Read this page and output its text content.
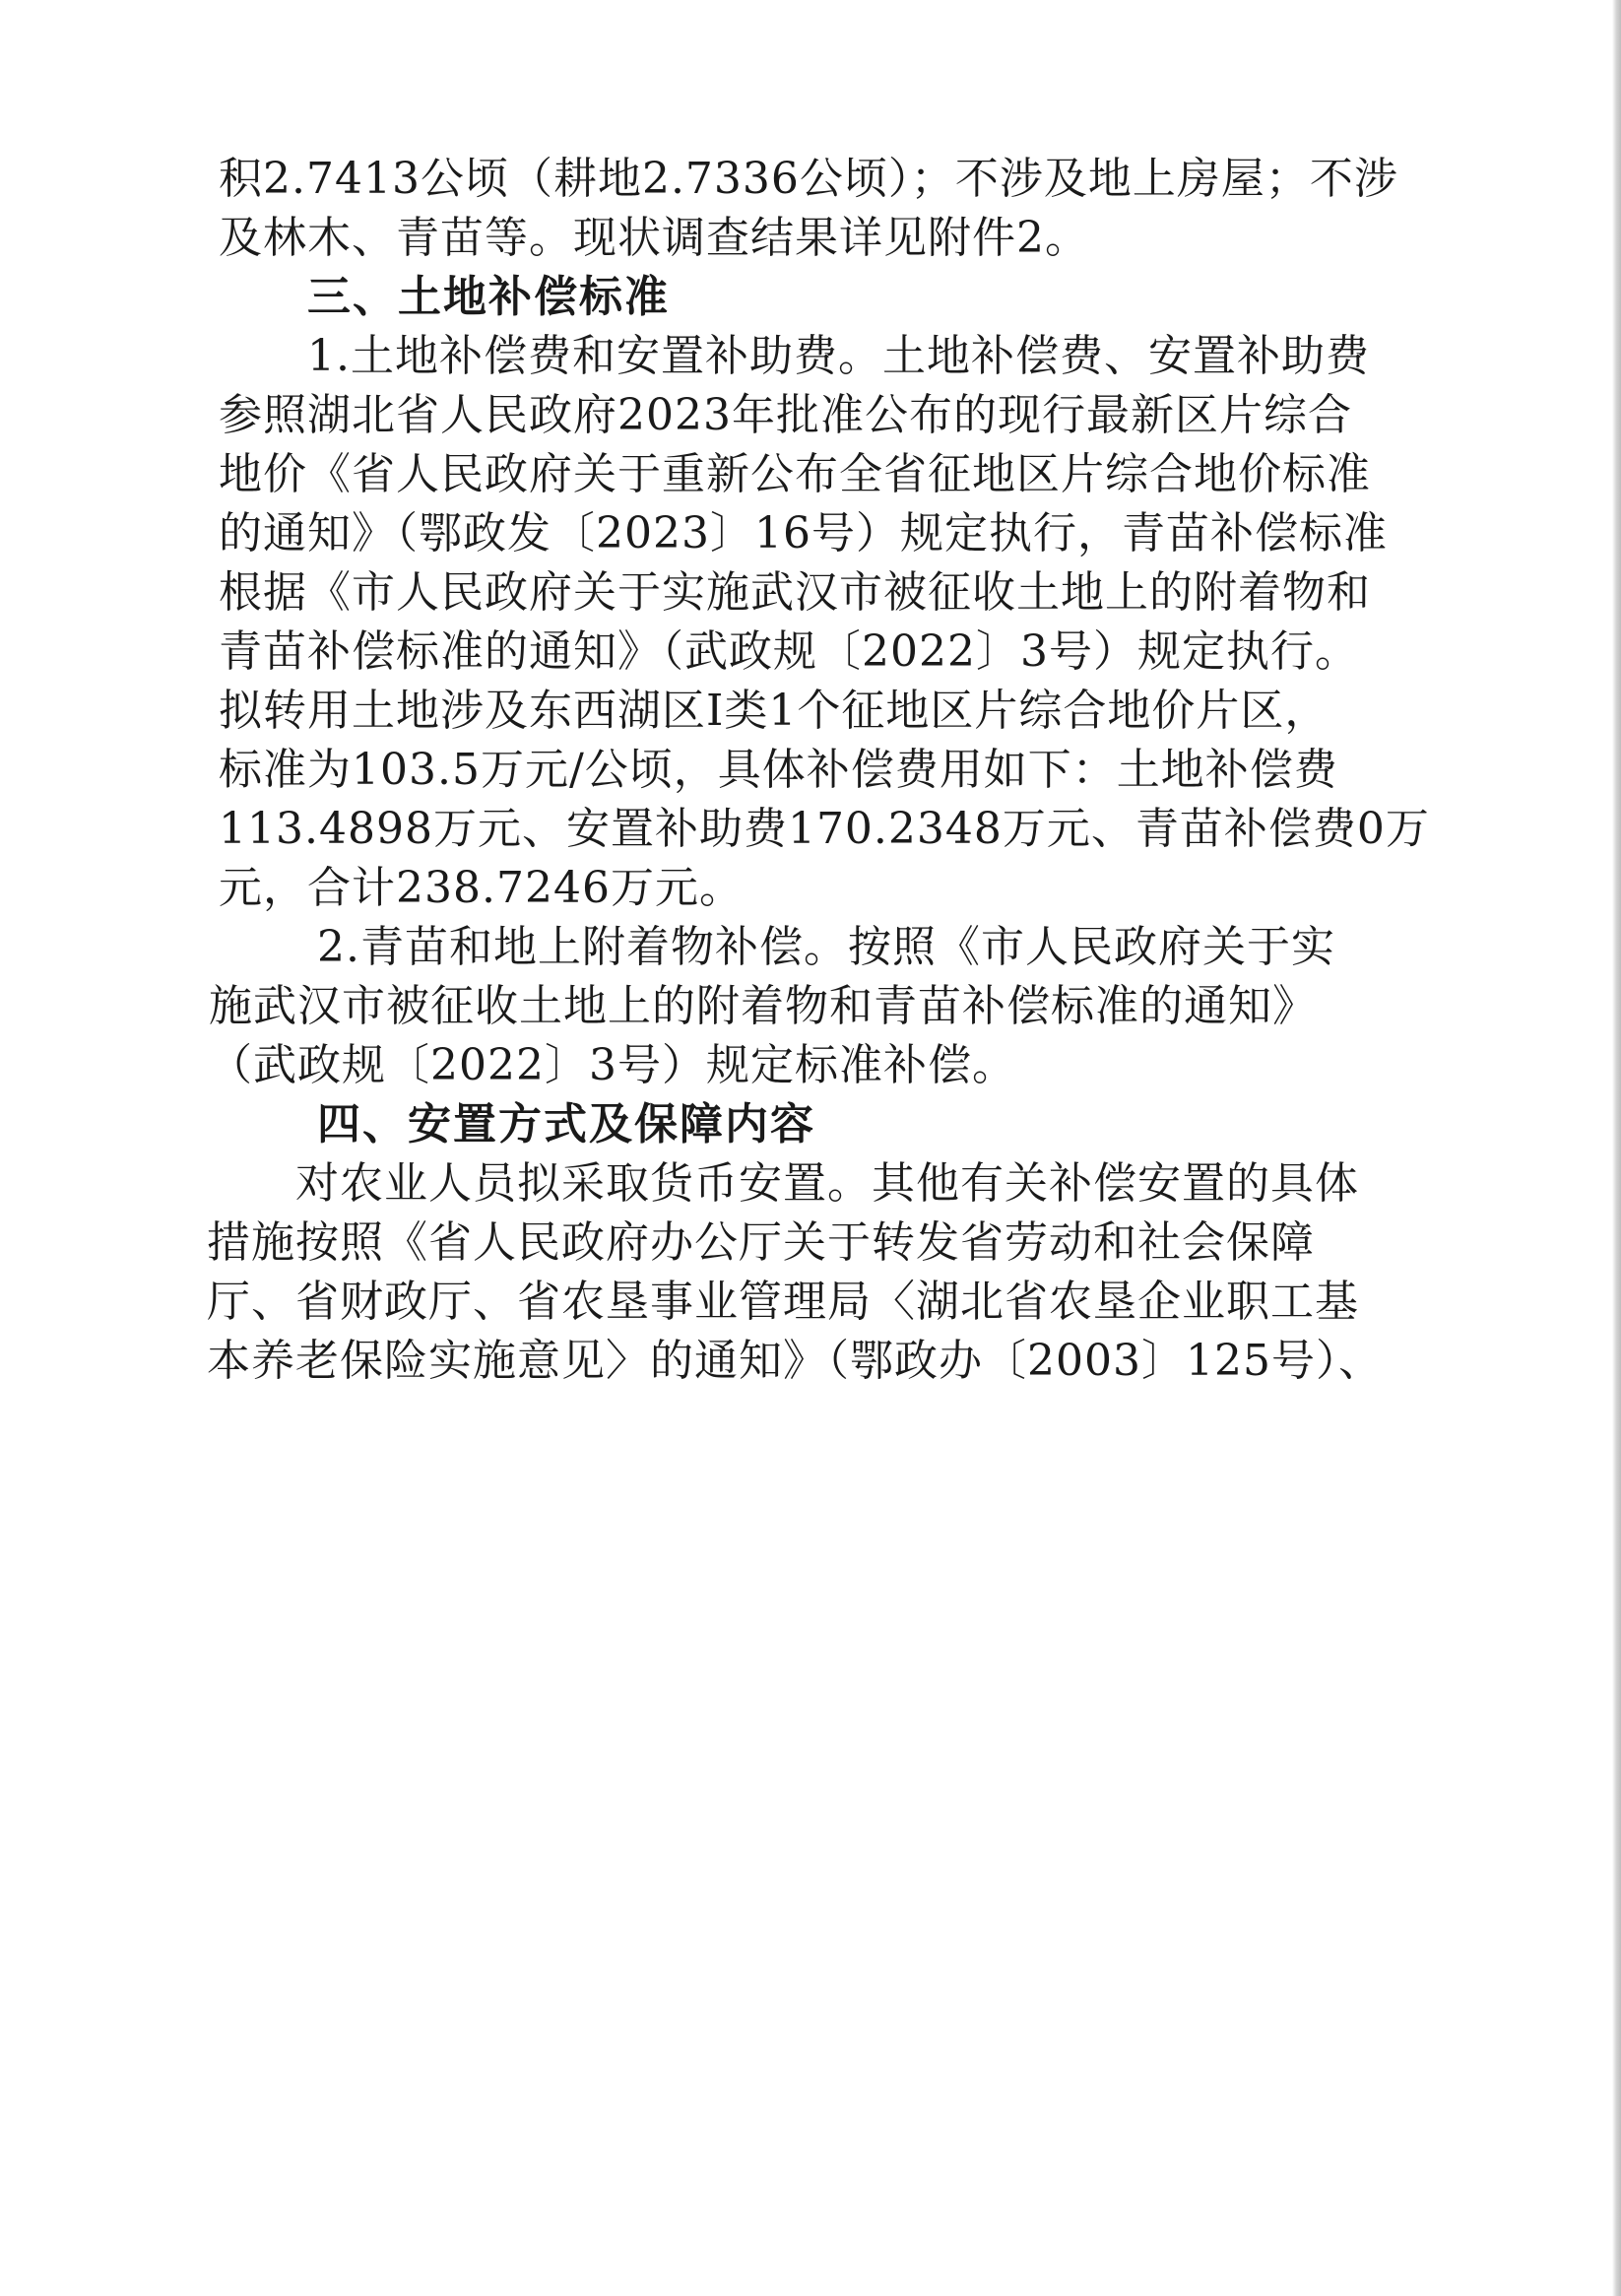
积2.7413公顷（耕地2.7336公顷）；不涉及地上房屋；不涉
及林木、青苗等。现状调查结果详见附件2。
三、土地补偿标准
1.土地补偿费和安置补助费。土地补偿费、安置补助费
参照湖北省人民政府2023年批准公布的现行最新区片综合
地价《省人民政府关于重新公布全省征地区片综合地价标准
的通知》（鄂政发〔2023〕16号）规定执行，青苗补偿标准
根据《市人民政府关于实施武汉市被征收土地上的附着物和
青苗补偿标准的通知》（武政规〔2022〕3号）规定执行。
拟转用土地涉及东西湖区Ⅰ类1个征地区片综合地价片区，
标准为103.5万元/公顷，具体补偿费用如下：土地补偿费
113.4898万元、安置补助费170.2348万元、青苗补偿费0万
元，合计238.7246万元。
2.青苗和地上附着物补偿。按照《市人民政府关于实
施武汉市被征收土地上的附着物和青苗补偿标准的通知》
（武政规〔2022〕3号）规定标准补偿。
四、安置方式及保障内容
对农业人员拟采取货币安置。其他有关补偿安置的具体
措施按照《省人民政府办公厅关于转发省劳动和社会保障
厅、省财政厅、省农垦事业管理局〈湖北省农垦企业职工基
本养老保险实施意见〉的通知》（鄂政办〔2003〕125号）、
